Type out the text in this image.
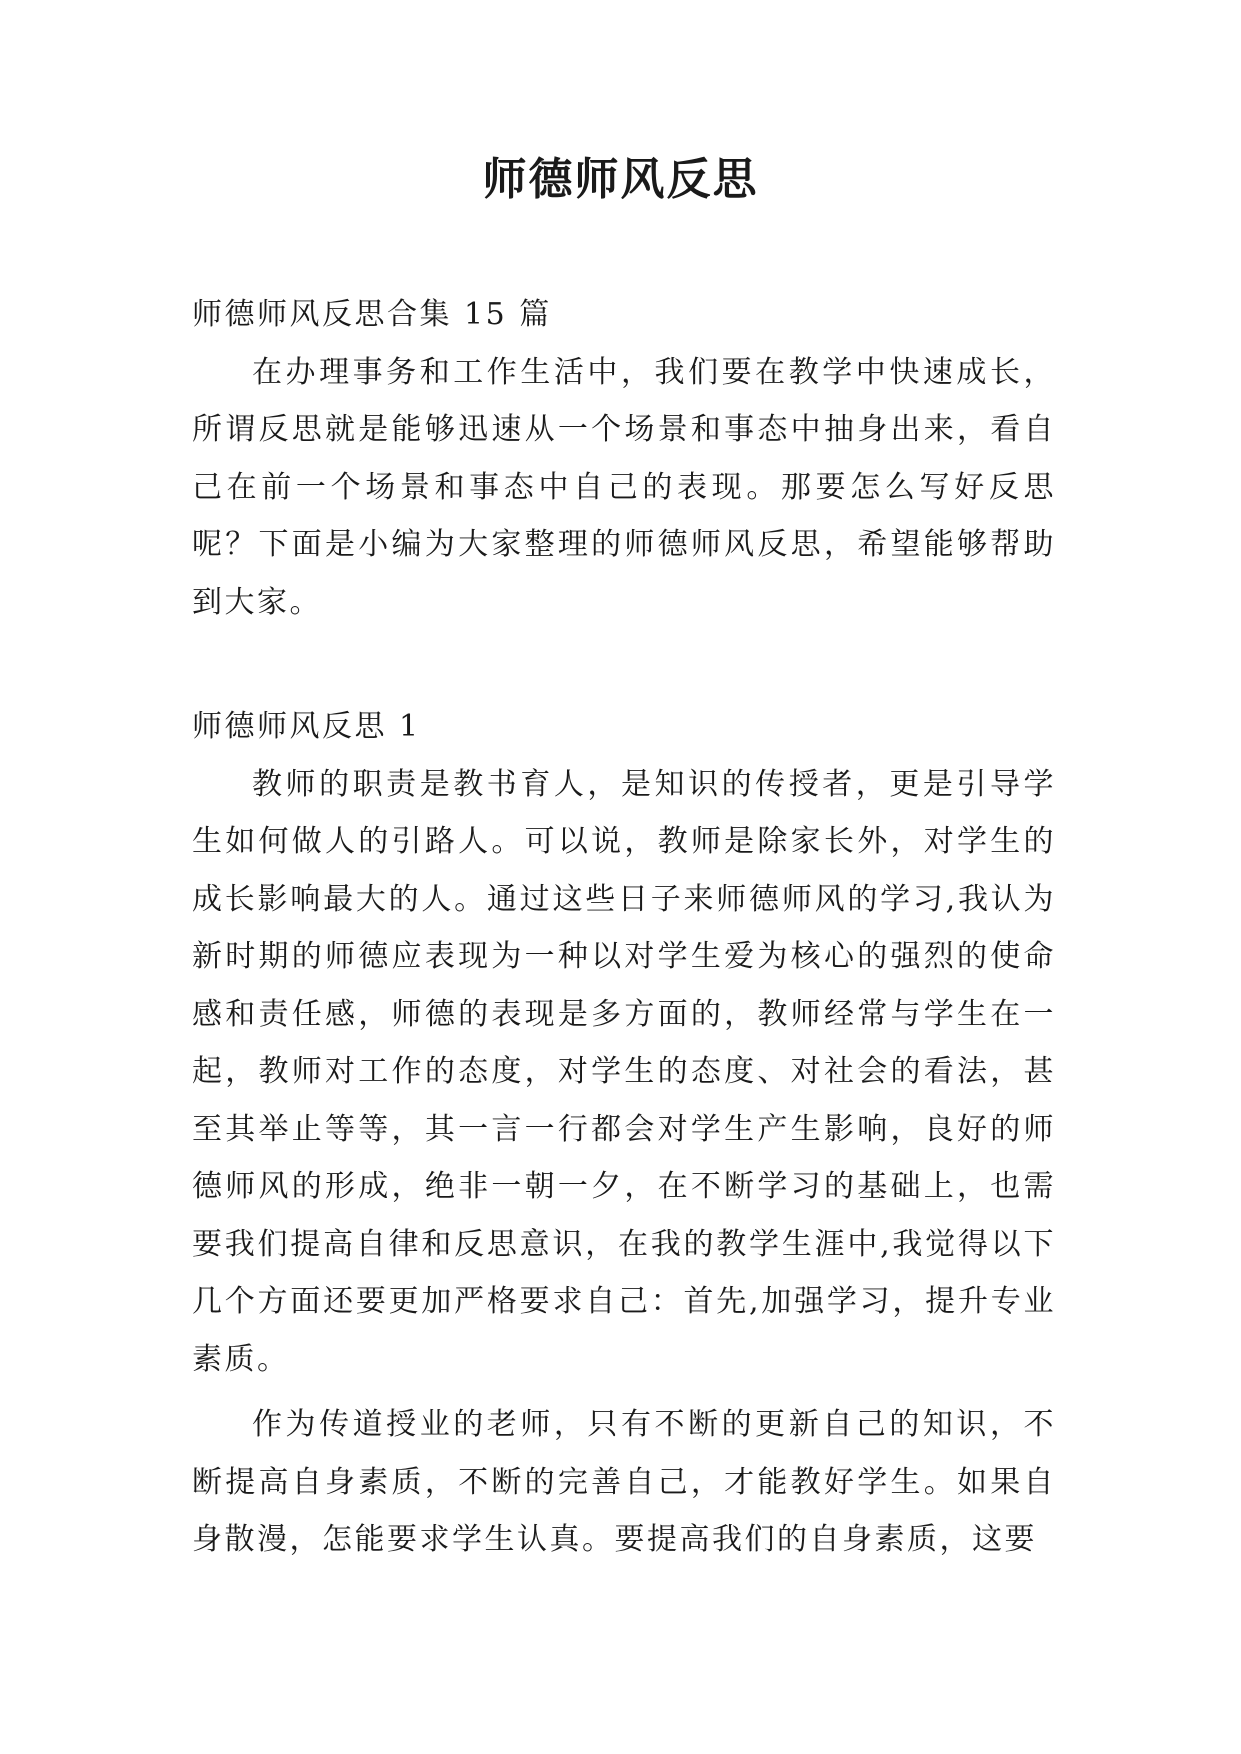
师德师风反思

师德师风反思合集 15 篇

在办理事务和工作生活中，我们要在教学中快速成长，所谓反思就是能够迅速从一个场景和事态中抽身出来，看自己在前一个场景和事态中自己的表现。那要怎么写好反思呢？下面是小编为大家整理的师德师风反思，希望能够帮助到大家。

师德师风反思 1

教师的职责是教书育人，是知识的传授者，更是引导学生如何做人的引路人。可以说，教师是除家长外，对学生的成长影响最大的人。通过这些日子来师德师风的学习,我认为新时期的师德应表现为一种以对学生爱为核心的强烈的使命感和责任感，师德的表现是多方面的，教师经常与学生在一起，教师对工作的态度，对学生的态度、对社会的看法，甚至其举止等等，其一言一行都会对学生产生影响，良好的师德师风的形成，绝非一朝一夕，在不断学习的基础上，也需要我们提高自律和反思意识，在我的教学生涯中,我觉得以下几个方面还要更加严格要求自己：首先,加强学习，提升专业素质。

作为传道授业的老师，只有不断的更新自己的知识，不断提高自身素质，不断的完善自己，才能教好学生。如果自身散漫，怎能要求学生认真。要提高我们的自身素质，这要
